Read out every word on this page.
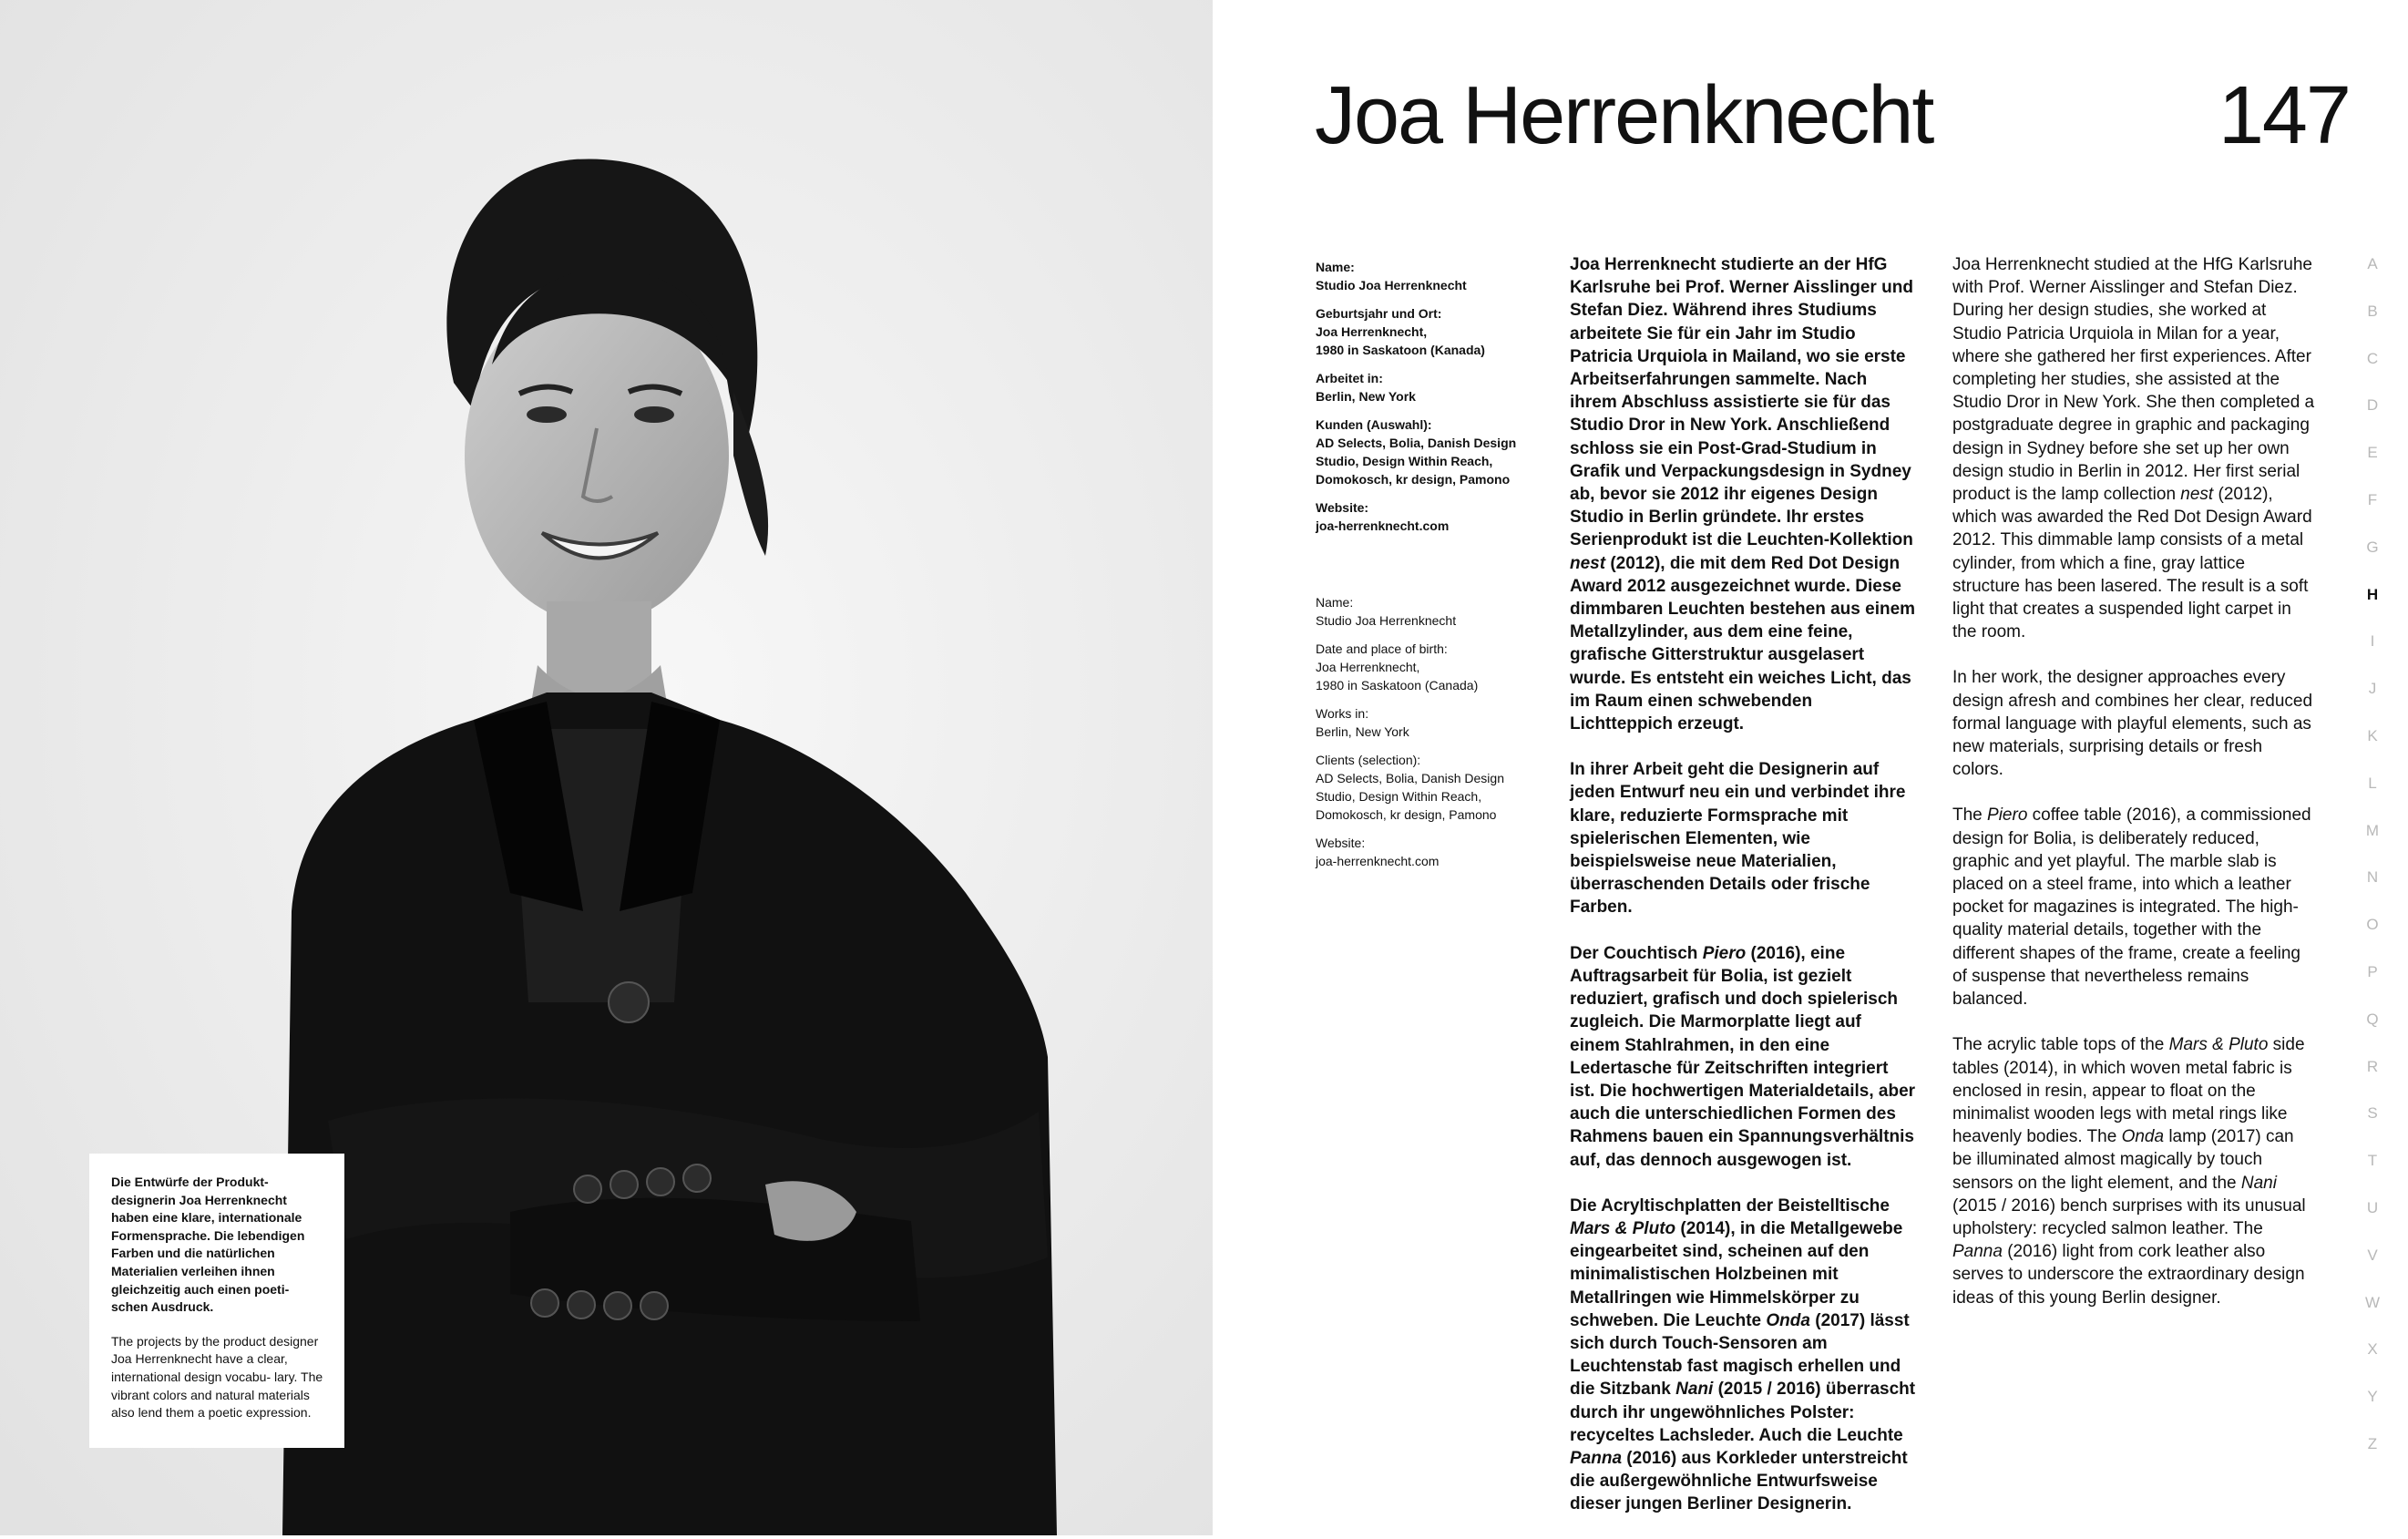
Die Entwürfe der Produkt- designerin Joa Herrenknecht haben eine klare, internationale Formensprache. Die lebendigen Farben und die natürlichen Materialien verleihen ihnen gleichzeitig auch einen poeti- schen Ausdruck.

The projects by the product designer Joa Herrenknecht have a clear, international design vocabu- lary. The vibrant colors and natural materials also lend them a poetic expression.

Joa Herrenknecht	147
Name:
Studio Joa Herrenknecht
Geburtsjahr und Ort:
Joa Herrenknecht,
1980 in Saskatoon (Kanada)
Arbeitet in:
Berlin, New York
Kunden (Auswahl):
AD Selects, Bolia, Danish Design Studio, Design Within Reach, Domokosch, kr design, Pamono
Website:
joa-herrenknecht.com
Name:
Studio Joa Herrenknecht
Date and place of birth:
Joa Herrenknecht,
1980 in Saskatoon (Canada)
Works in:
Berlin, New York
Clients (selection):
AD Selects, Bolia, Danish Design Studio, Design Within Reach, Domokosch, kr design, Pamono
Website:
joa-herrenknecht.com

Joa Herrenknecht studierte an der HfG Karlsruhe bei Prof. Werner Aisslinger und Stefan Diez. Während ihres Studiums arbeitete Sie für ein Jahr im Studio Patricia Urquiola in Mailand, wo sie erste Arbeitserfahrungen sammelte. Nach ihrem Abschluss assistierte sie für das Studio Dror in New York. Anschließend schloss sie ein Post-Grad-Studium in Grafik und Verpackungsdesign in Sydney ab, bevor sie 2012 ihr eigenes Design Studio in Berlin gründete. Ihr erstes Serienprodukt ist die Leuchten-Kollektion nest (2012), die mit dem Red Dot Design Award 2012 ausgezeichnet wurde. Diese dimmbaren Leuchten bestehen aus einem Metallzylinder, aus dem eine feine, grafische Gitterstruktur ausgelasert wurde. Es entsteht ein weiches Licht, das im Raum einen schwebenden Lichtteppich erzeugt.

In ihrer Arbeit geht die Designerin auf jeden Entwurf neu ein und verbindet ihre klare, reduzierte Formsprache mit spielerischen Elementen, wie beispielsweise neue Materialien, überraschenden Details oder frische Farben.

Der Couchtisch Piero (2016), eine Auftragsarbeit für Bolia, ist gezielt reduziert, grafisch und doch spielerisch zugleich. Die Marmorplatte liegt auf einem Stahlrahmen, in den eine Ledertasche für Zeitschriften integriert ist. Die hochwertigen Materialdetails, aber auch die unterschiedlichen Formen des Rahmens bauen ein Spannungsverhältnis auf, das dennoch ausgewogen ist.

Die Acryltischplatten der Beistelltische Mars & Pluto (2014), in die Metallgewebe eingearbeitet sind, scheinen auf den minimalistischen Holzbeinen mit Metallringen wie Himmelskörper zu schweben. Die Leuchte Onda (2017) lässt sich durch Touch-Sensoren am Leuchtenstab fast magisch erhellen und die Sitzbank Nani (2015 / 2016) überrascht durch ihr ungewöhnliches Polster: recyceltes Lachsleder. Auch die Leuchte Panna (2016) aus Korkleder unterstreicht die außergewöhnliche Entwurfsweise dieser jungen Berliner Designerin.

Joa Herrenknecht studied at the HfG Karlsruhe with Prof. Werner Aisslinger and Stefan Diez. During her design studies, she worked at Studio Patricia Urquiola in Milan for a year, where she gathered her first experiences. After completing her studies, she assisted at the Studio Dror in New York. She then completed a postgraduate degree in graphic and packaging design in Sydney before she set up her own design studio in Berlin in 2012. Her first serial product is the lamp collection nest (2012), which was awarded the Red Dot Design Award 2012. This dimmable lamp consists of a metal cylinder, from which a fine, gray lattice structure has been lasered. The result is a soft light that creates a suspended light carpet in the room.

In her work, the designer approaches every design afresh and combines her clear, reduced formal language with playful elements, such as new materials, surprising details or fresh colors.

The Piero coffee table (2016), a commissioned design for Bolia, is deliberately reduced, graphic and yet playful. The marble slab is placed on a steel frame, into which a leather pocket for magazines is integrated. The high-quality material details, together with the different shapes of the frame, create a feeling of suspense that nevertheless remains balanced.

The acrylic table tops of the Mars & Pluto side tables (2014), in which woven metal fabric is enclosed in resin, appear to float on the minimalist wooden legs with metal rings like heavenly bodies. The Onda lamp (2017) can be illuminated almost magically by touch sensors on the light element, and the Nani (2015 / 2016) bench surprises with its unusual upholstery: recycled salmon leather. The Panna (2016) light from cork leather also serves to underscore the extraordinary design ideas of this young Berlin designer.

A
B
C
D
E
F
G
H
I
J
K
L
M
N
O
P
Q
R
S
T
U
V
W
X
Y
Z
